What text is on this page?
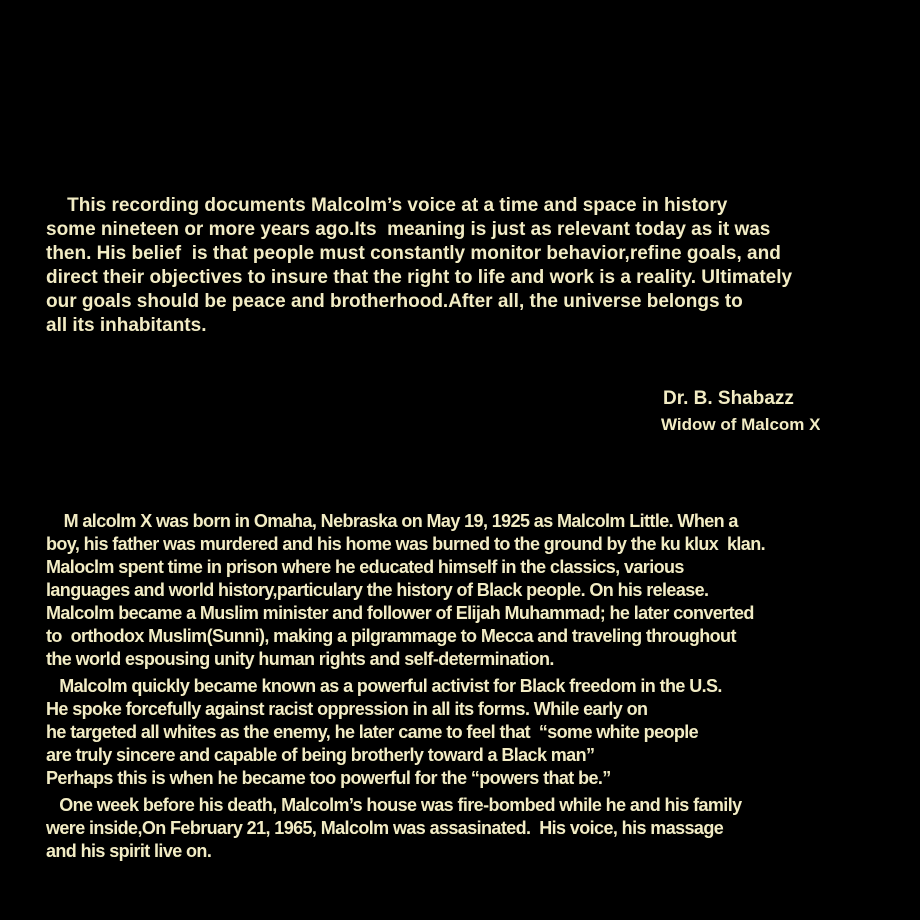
This recording documents Malcolm’s voice at a time and space in history
some nineteen or more years ago.Its  meaning is just as relevant today as it was
then. His belief  is that people must constantly monitor behavior,refine goals, and
direct their objectives to insure that the right to life and work is a reality. Ultimately
our goals should be peace and brotherhood.After all, the universe belongs to
all its inhabitants.
Dr. B. Shabazz
Widow of Malcom X
M alcolm X was born in Omaha, Nebraska on May 19, 1925 as Malcolm Little. When a
boy, his father was murdered and his home was burned to the ground by the ku klux  klan.
Maloclm spent time in prison where he educated himself in the classics, various
languages and world history,particulary the history of Black people. On his release.
Malcolm became a Muslim minister and follower of Elijah Muhammad; he later converted
to  orthodox Muslim(Sunni), making a pilgrammage to Mecca and traveling throughout
the world espousing unity human rights and self-determination.
Malcolm quickly became known as a powerful activist for Black freedom in the U.S.
He spoke forcefully against racist oppression in all its forms. While early on
he targeted all whites as the enemy, he later came to feel that  “some white people
are truly sincere and capable of being brotherly toward a Black man”
Perhaps this is when he became too powerful for the “powers that be.”
One week before his death, Malcolm’s house was fire-bombed while he and his family
were inside,On February 21, 1965, Malcolm was assasinated.  His voice, his massage
and his spirit live on.
